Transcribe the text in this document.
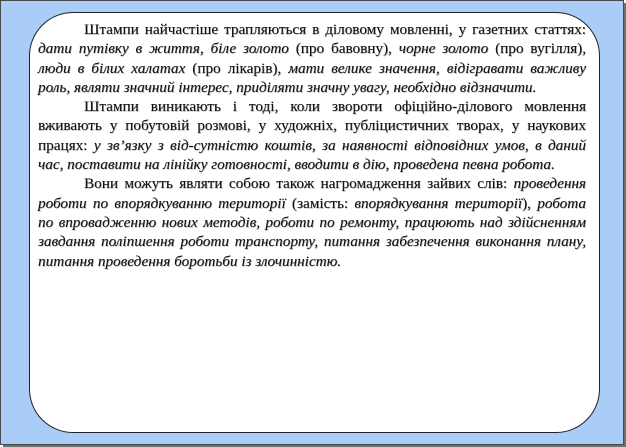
Штампи найчастіше трапляються в діловому мовленні, у газетних статтях: дати путівку в життя, біле золото (про бавовну), чорне золото (про вугілля), люди в білих халатах (про лікарів), мати велике значення, відігравати важливу роль, являти значний інтерес, приділяти значну увагу, необхідно відзначити.

Штампи виникають і тоді, коли звороти офіційно-ділового мовлення вживають у побутовій розмові, у художніх, публіцистичних творах, у наукових працях: у зв’язку з від-сутністю коштів, за наявності відповідних умов, в даний час, поставити на лінійку готовності, вводити в дію, проведена певна робота.

Вони можуть являти собою також нагромадження зайвих слів: проведення роботи по впорядкуванню території (замість: впорядкування території), робота по впровадженню нових методів, роботи по ремонту, працюють над здійсненням завдання поліпшення роботи транспорту, питання забезпечення виконання плану, питання проведення боротьби із злочинністю.
